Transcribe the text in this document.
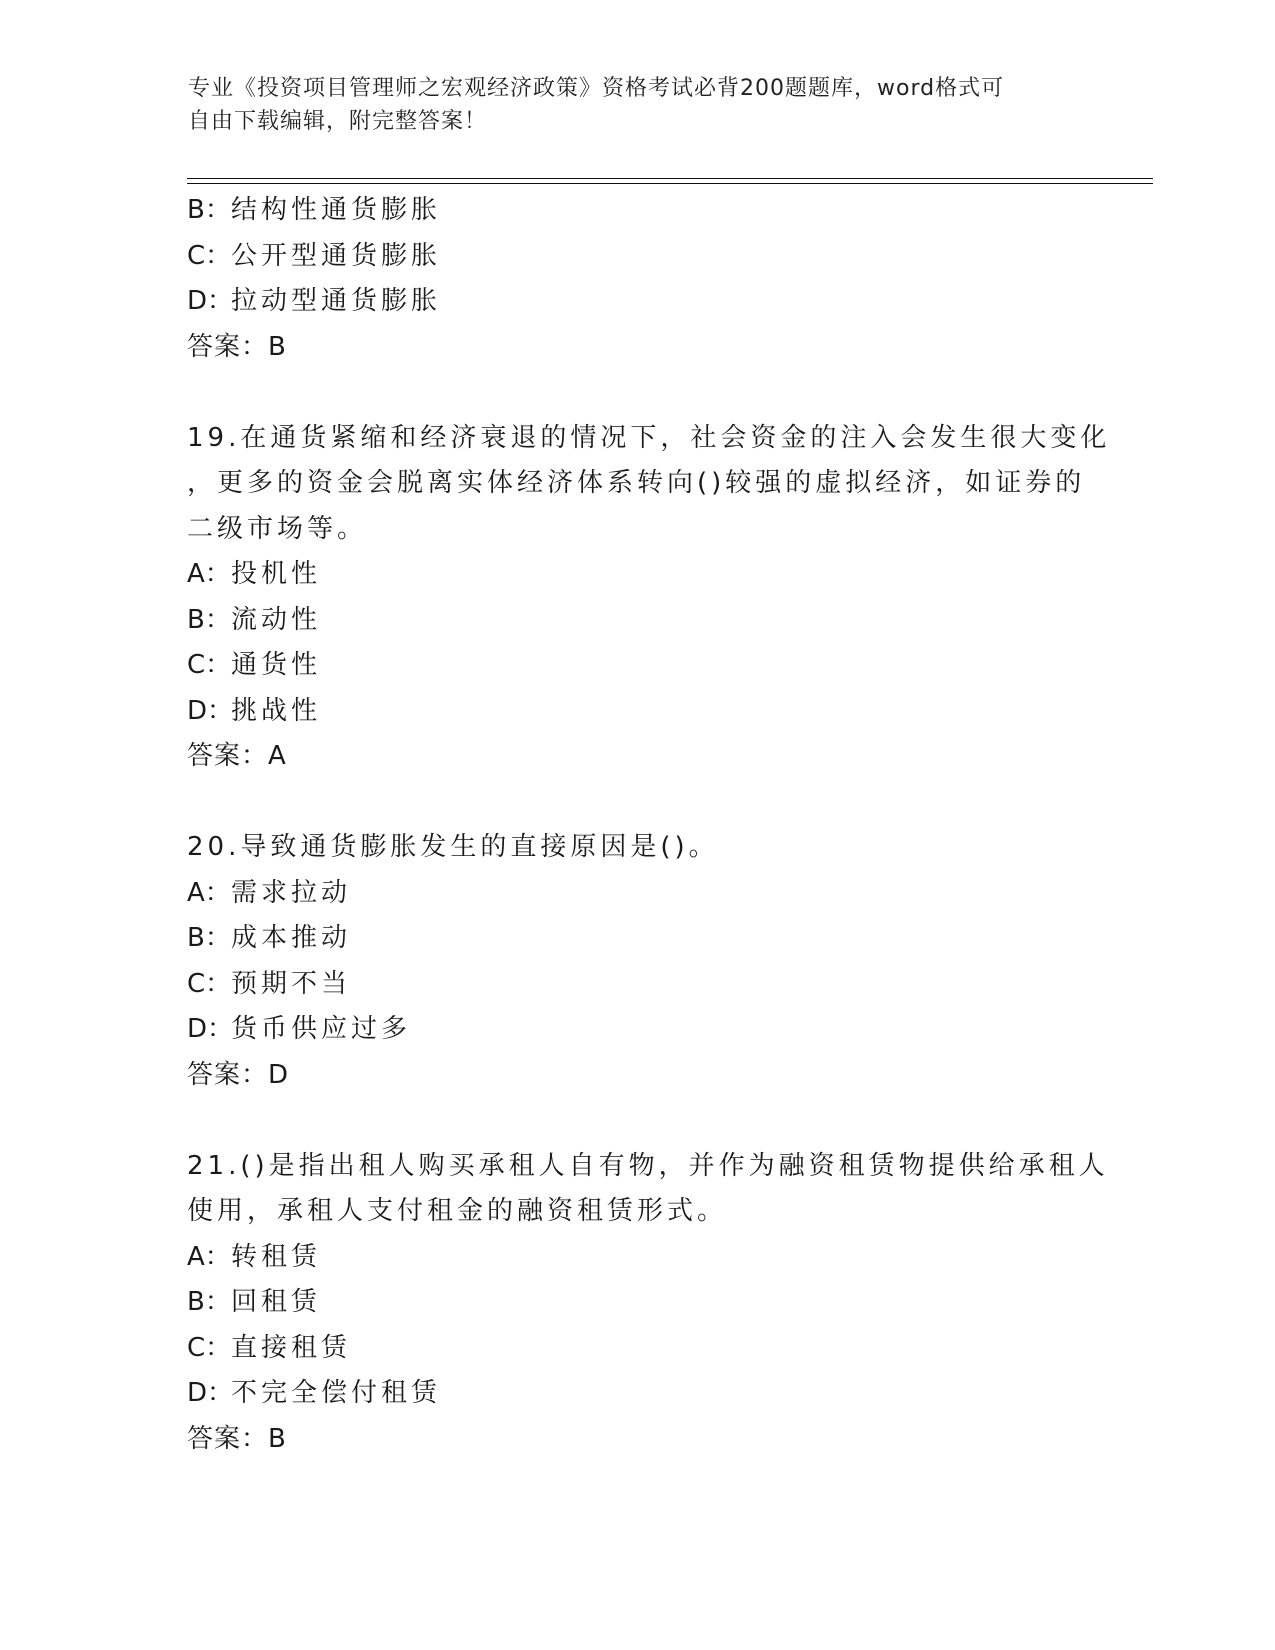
专业《投资项目管理师之宏观经济政策》资格考试必背200题题库，word格式可
自由下载编辑，附完整答案！
B：结构性通货膨胀
C：公开型通货膨胀
D：拉动型通货膨胀
答案：B
19.在通货紧缩和经济衰退的情况下，社会资金的注入会发生很大变化
，更多的资金会脱离实体经济体系转向()较强的虚拟经济，如证券的
二级市场等。
A：投机性
B：流动性
C：通货性
D：挑战性
答案：A
20.导致通货膨胀发生的直接原因是()。
A：需求拉动
B：成本推动
C：预期不当
D：货币供应过多
答案：D
21.()是指出租人购买承租人自有物，并作为融资租赁物提供给承租人
使用，承租人支付租金的融资租赁形式。
A：转租赁
B：回租赁
C：直接租赁
D：不完全偿付租赁
答案：B
